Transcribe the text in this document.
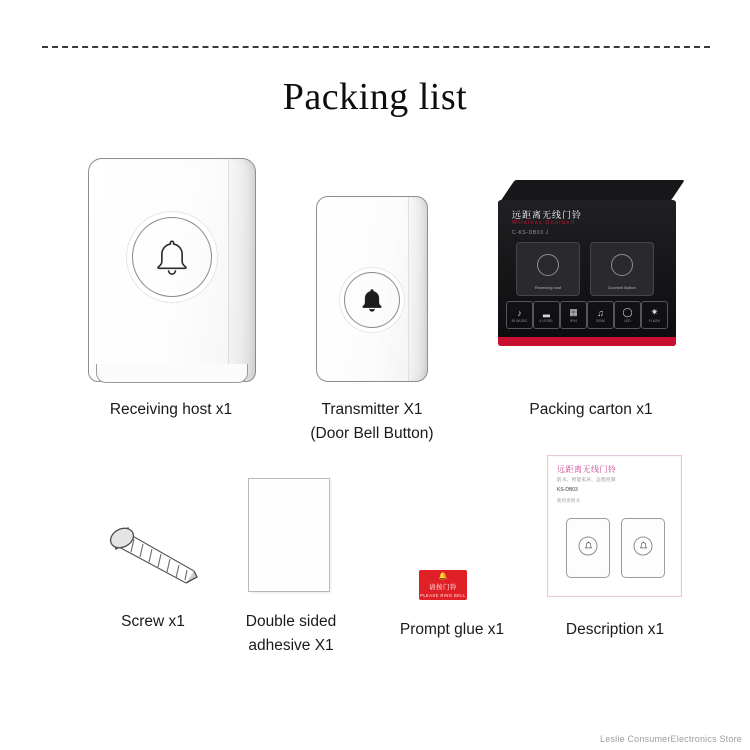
Packing list
Receiving host x1	Transmitter X1
(Door Bell Button)
远距离无线门铃
Wireless Doorbell
C-KS-DB03 J
Receiving host	Doorbell Button
♪
38 MUSIC
▂
4 LEVEL
▦
IP44
♫
300M
◯
LED
✷
FLASH
Packing carton x1
Screw x1	Double sided
adhesive X1
🔔
请按门铃
PLEASE RING BELL
Prompt glue x1
远距离无线门铃
防水、智能家居、远程控制
KS-DB03
使用说明书
Description x1
Leslie ConsumerElectronics Store
